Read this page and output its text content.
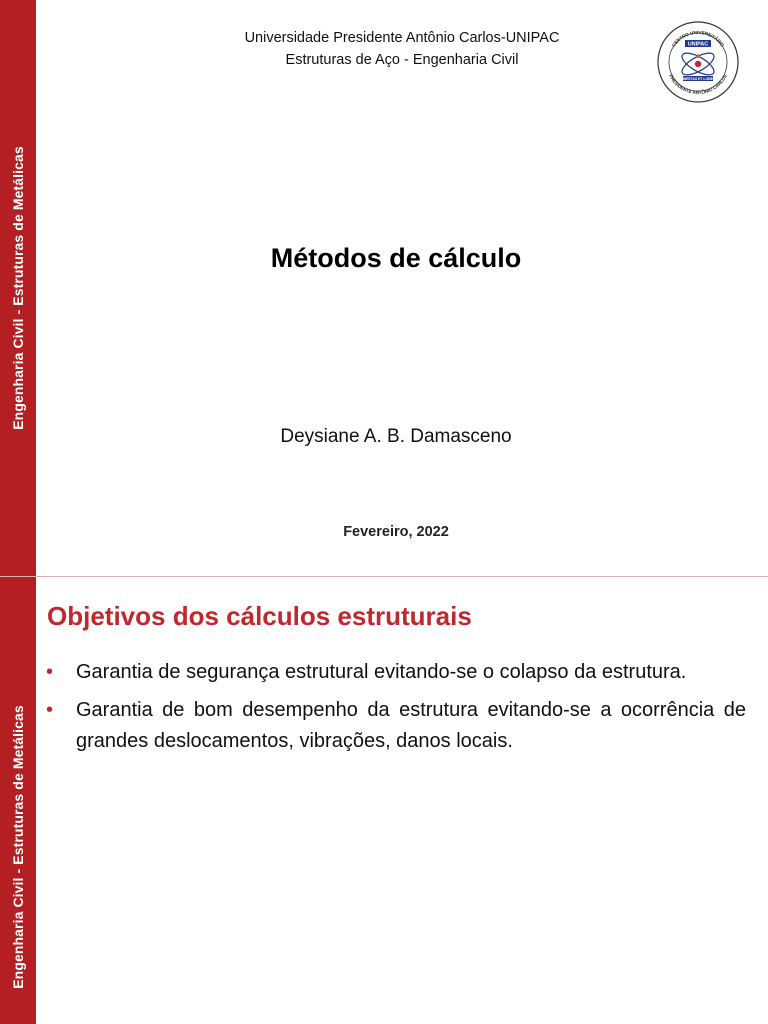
Engenharia Civil - Estruturas de Metálicas
Universidade Presidente Antônio Carlos-UNIPAC
Estruturas de Aço - Engenharia Civil
CENTRO UNIVERSITÁRIO
PRESIDENTE ANTÔNIO CARLOS
UNIPAC
LIBERTAS ET LUMEN
Métodos de cálculo
Deysiane A. B. Damasceno
Fevereiro, 2022
Engenharia Civil - Estruturas de Metálicas
Objetivos dos cálculos estruturais
• Garantia de segurança estrutural evitando-se o colapso da estrutura.
• Garantia de bom desempenho da estrutura evitando-se a ocorrência de grandes deslocamentos, vibrações, danos locais.
